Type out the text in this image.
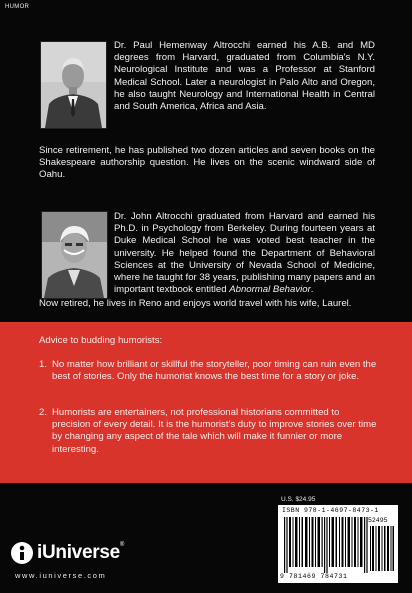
HUMOR
Dr. Paul Hemenway Altrocchi earned his A.B. and MD degrees from Harvard, graduated from Columbia's N.Y. Neurological Institute and was a Professor at Stanford Medical School. Later a neurologist in Palo Alto and Oregon, he also taught Neurology and International Health in Central and South America, Africa and Asia.
Since retirement, he has published two dozen articles and seven books on the Shakespeare authorship question. He lives on the scenic windward side of Oahu.
Dr. John Altrocchi graduated from Harvard and earned his Ph.D. in Psychology from Berkeley. During fourteen years at Duke Medical School he was voted best teacher in the university. He helped found the Department of Behavioral Sciences at the University of Nevada School of Medicine, where he taught for 38 years, publishing many papers and an important textbook entitled Abnormal Behavior.
Now retired, he lives in Reno and enjoys world travel with his wife, Laurel.
Advice to budding humorists:
1. No matter how brilliant or skillful the storyteller, poor timing can ruin even the best of stories. Only the humorist knows the best time for a story or joke.
2. Humorists are entertainers, not professional historians committed to precision of every detail. It is the humorist's duty to improve stories over time by changing any aspect of the tale which will make it funnier or more interesting.
U.S. $24.95
ISBN 978-1-4697-8473-1
52495
9 781469 784731
iUniverse®
www.iuniverse.com
